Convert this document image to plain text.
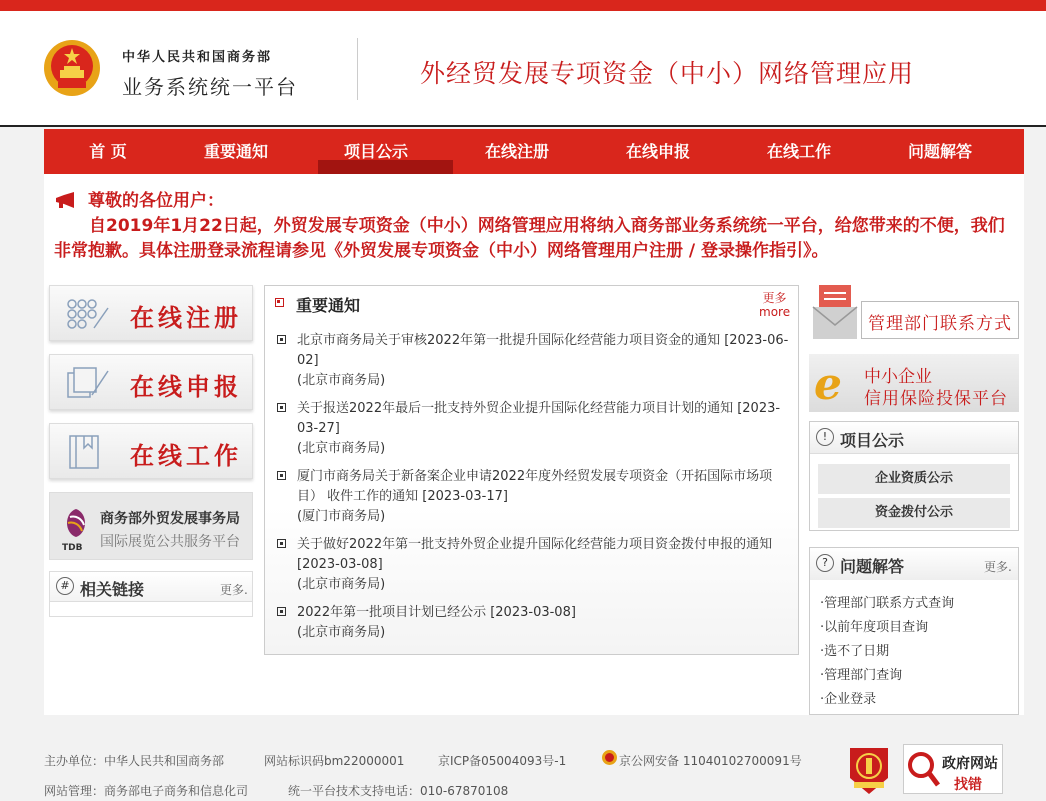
中华人民共和国商务部
业务系统统一平台	外经贸发展专项资金（中小）网络管理应用
首 页	重要通知	项目公示	在线注册	在线申报	在线工作	问题解答
尊敬的各位用户：
自2019年1月22日起，外贸发展专项资金（中小）网络管理应用将纳入商务部业务系统统一平台，给您带来的不便，我们非常抱歉。具体注册登录流程请参见《外贸发展专项资金（中小）网络管理用户注册 / 登录操作指引》。
在线注册
在线申报
在线工作
TDB
商务部外贸发展事务局
国际展览公共服务平台
# 相关链接	更多.
重要通知	更多
more
北京市商务局关于审核2022年第一批提升国际化经营能力项目资金的通知 [2023-06-02]
(北京市商务局)
关于报送2022年最后一批支持外贸企业提升国际化经营能力项目计划的通知 [2023-03-27]
(北京市商务局)
厦门市商务局关于新备案企业申请2022年度外经贸发展专项资金（开拓国际市场项目） 收件工作的通知 [2023-03-17]
(厦门市商务局)
关于做好2022年第一批支持外贸企业提升国际化经营能力项目资金拨付申报的通知 [2023-03-08]
(北京市商务局)
2022年第一批项目计划已经公示 [2023-03-08]
(北京市商务局)
管理部门联系方式
e 中小企业
信用保险投保平台
! 项目公示
企业资质公示
资金拨付公示
? 问题解答	更多.
·管理部门联系方式查询
·以前年度项目查询
·选不了日期
·管理部门查询
·企业登录
主办单位：中华人民共和国商务部	网站标识码bm22000001	京ICP备05004093号-1	京公网安备 11040102700091号
网站管理：商务部电子商务和信息化司	统一平台技术支持电话：010-67870108
政府网站
找错
